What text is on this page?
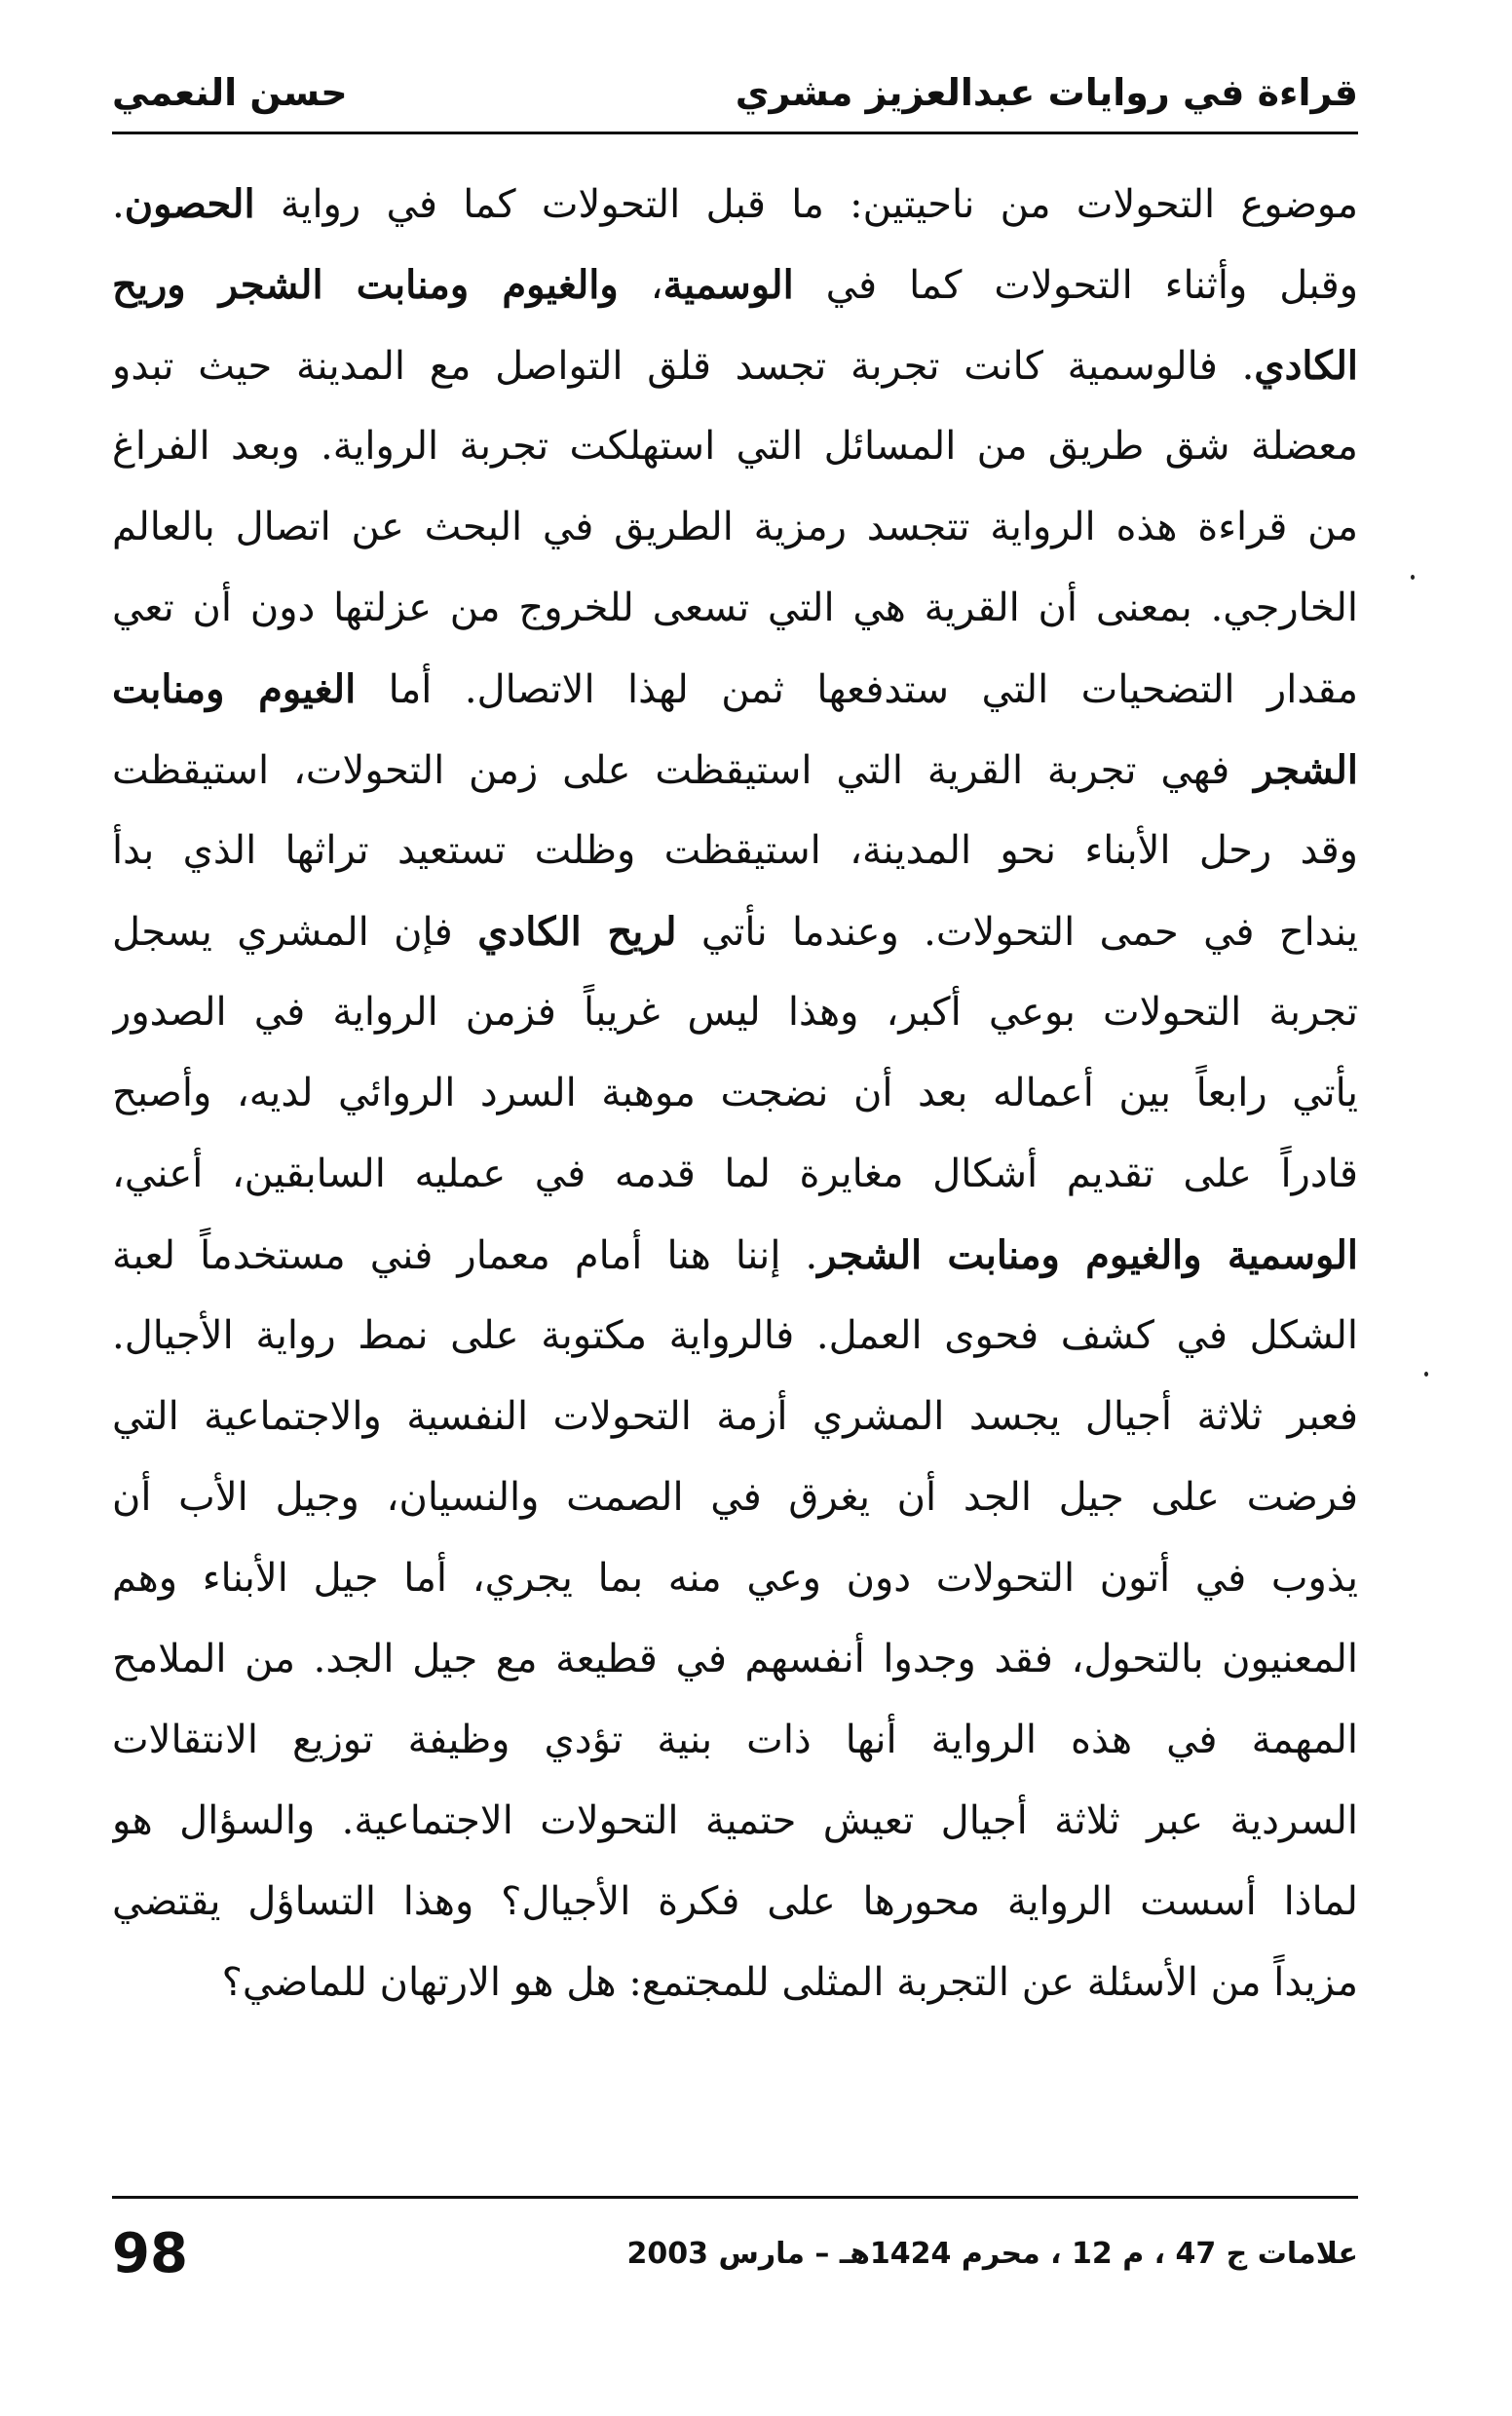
قراءة في روايات عبدالعزيز مشري
حسن النعمي
موضوع التحولات من ناحيتين: ما قبل التحولات كما في رواية الحصون.
وقبل وأثناء التحولات كما في الوسمية، والغيوم ومنابت الشجر وريح
الكادي. فالوسمية كانت تجربة تجسد قلق التواصل مع المدينة حيث تبدو
معضلة شق طريق من المسائل التي استهلكت تجربة الرواية. وبعد الفراغ
من قراءة هذه الرواية تتجسد رمزية الطريق في البحث عن اتصال بالعالم
الخارجي. بمعنى أن القرية هي التي تسعى للخروج من عزلتها دون أن تعي
مقدار التضحيات التي ستدفعها ثمن لهذا الاتصال. أما الغيوم ومنابت
الشجر فهي تجربة القرية التي استيقظت على زمن التحولات، استيقظت
وقد رحل الأبناء نحو المدينة، استيقظت وظلت تستعيد تراثها الذي بدأ
ينداح في حمى التحولات. وعندما نأتي لريح الكادي فإن المشري يسجل
تجربة التحولات بوعي أكبر، وهذا ليس غريباً فزمن الرواية في الصدور
يأتي رابعاً بين أعماله بعد أن نضجت موهبة السرد الروائي لديه، وأصبح
قادراً على تقديم أشكال مغايرة لما قدمه في عمليه السابقين، أعني،
الوسمية والغيوم ومنابت الشجر. إننا هنا أمام معمار فني مستخدماً لعبة
الشكل في كشف فحوى العمل. فالرواية مكتوبة على نمط رواية الأجيال.
فعبر ثلاثة أجيال يجسد المشري أزمة التحولات النفسية والاجتماعية التي
فرضت على جيل الجد أن يغرق في الصمت والنسيان، وجيل الأب أن
يذوب في أتون التحولات دون وعي منه بما يجري، أما جيل الأبناء وهم
المعنيون بالتحول، فقد وجدوا أنفسهم في قطيعة مع جيل الجد. من الملامح
المهمة في هذه الرواية أنها ذات بنية تؤدي وظيفة توزيع الانتقالات
السردية عبر ثلاثة أجيال تعيش حتمية التحولات الاجتماعية. والسؤال هو
لماذا أسست الرواية محورها على فكرة الأجيال؟ وهذا التساؤل يقتضي
مزيداً من الأسئلة عن التجربة المثلى للمجتمع: هل هو الارتهان للماضي؟
علامات ج 47 ، م 12 ، محرم 1424هـ – مارس 2003
98
